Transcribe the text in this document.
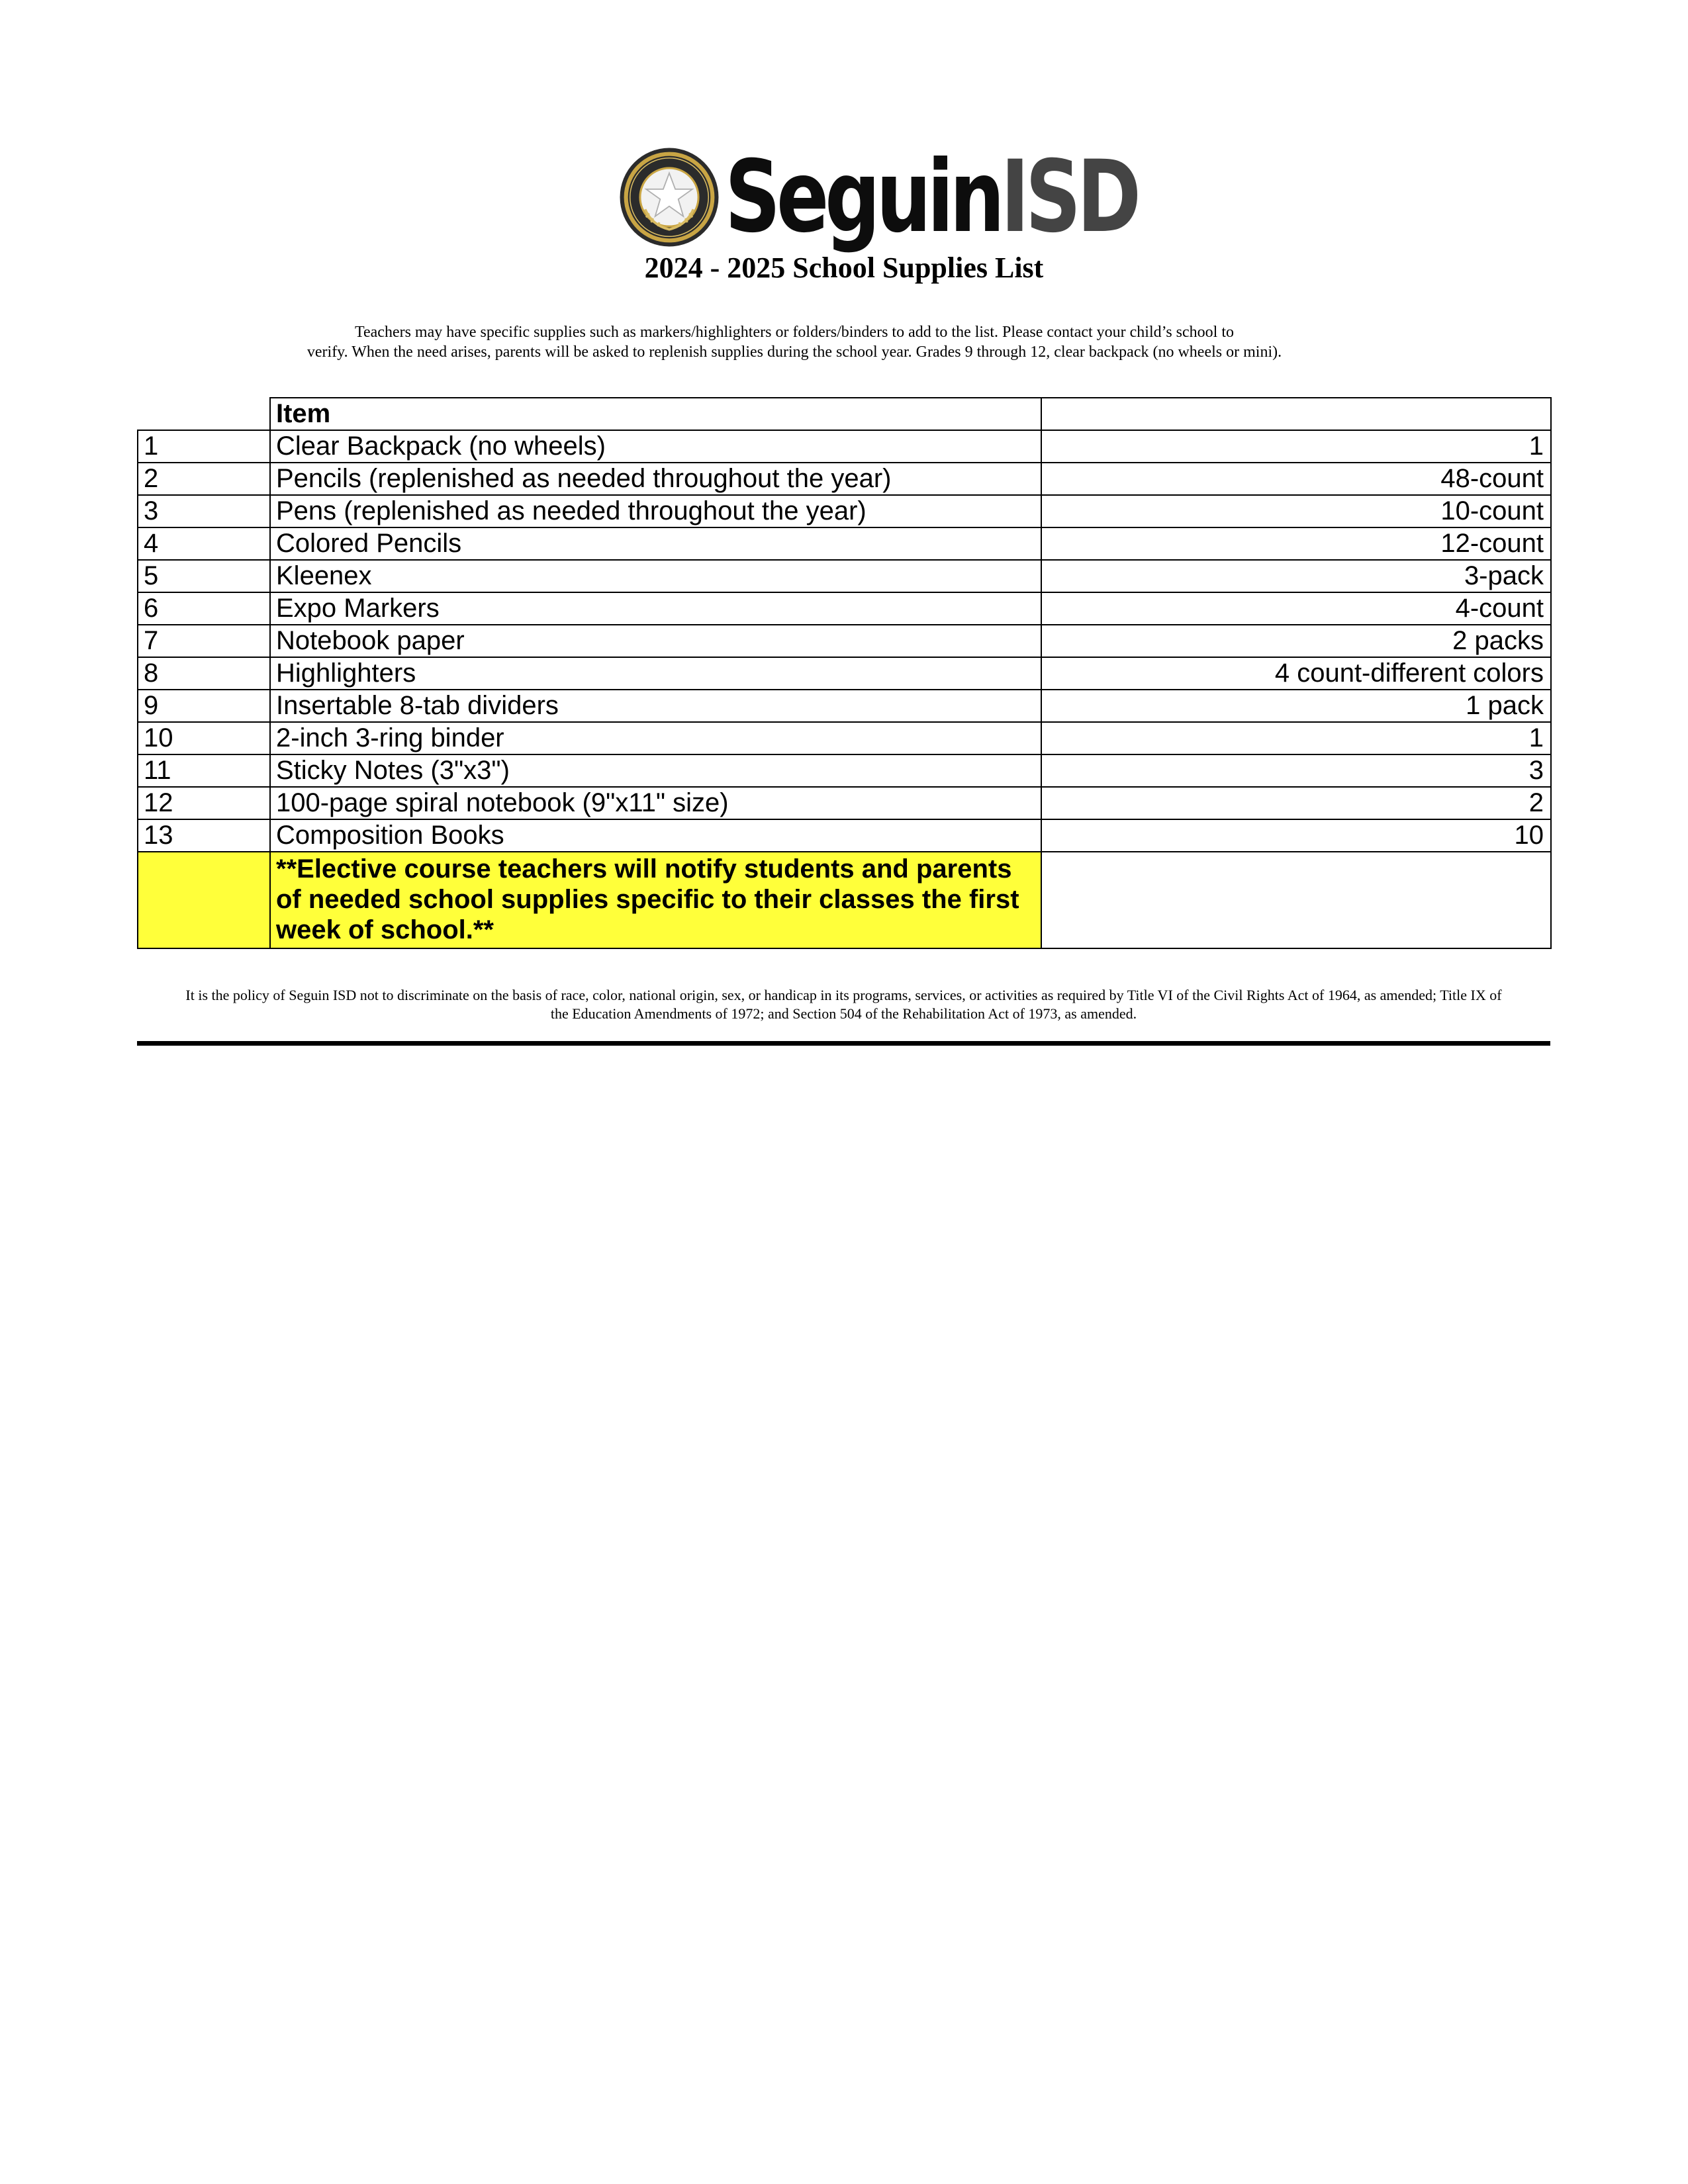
SeguinISD
2024 - 2025 School Supplies List
Teachers may have specific supplies such as markers/highlighters or folders/binders to add to the list. Please contact your child’s school to
verify. When the need arises, parents will be asked to replenish supplies during the school year. Grades 9 through 12, clear backpack (no wheels or mini).
	Item	
1	Clear Backpack (no wheels)	1
2	Pencils (replenished as needed throughout the year)	48-count
3	Pens (replenished as needed throughout the year)	10-count
4	Colored Pencils	12-count
5	Kleenex	3-pack
6	Expo Markers	4-count
7	Notebook paper	2 packs
8	Highlighters	4 count-different colors
9	Insertable 8-tab dividers	1 pack
10	2-inch 3-ring binder	1
11	Sticky Notes (3"x3")	3
12	100-page spiral notebook (9"x11" size)	2
13	Composition Books	10

	**Elective course teachers will notify students and parents
of needed school supplies specific to their classes the first
week of school.**	

It is the policy of Seguin ISD not to discriminate on the basis of race, color, national origin, sex, or handicap in its programs, services, or activities as required by Title VI of the Civil Rights Act of 1964, as amended; Title IX of
the Education Amendments of 1972; and Section 504 of the Rehabilitation Act of 1973, as amended.
